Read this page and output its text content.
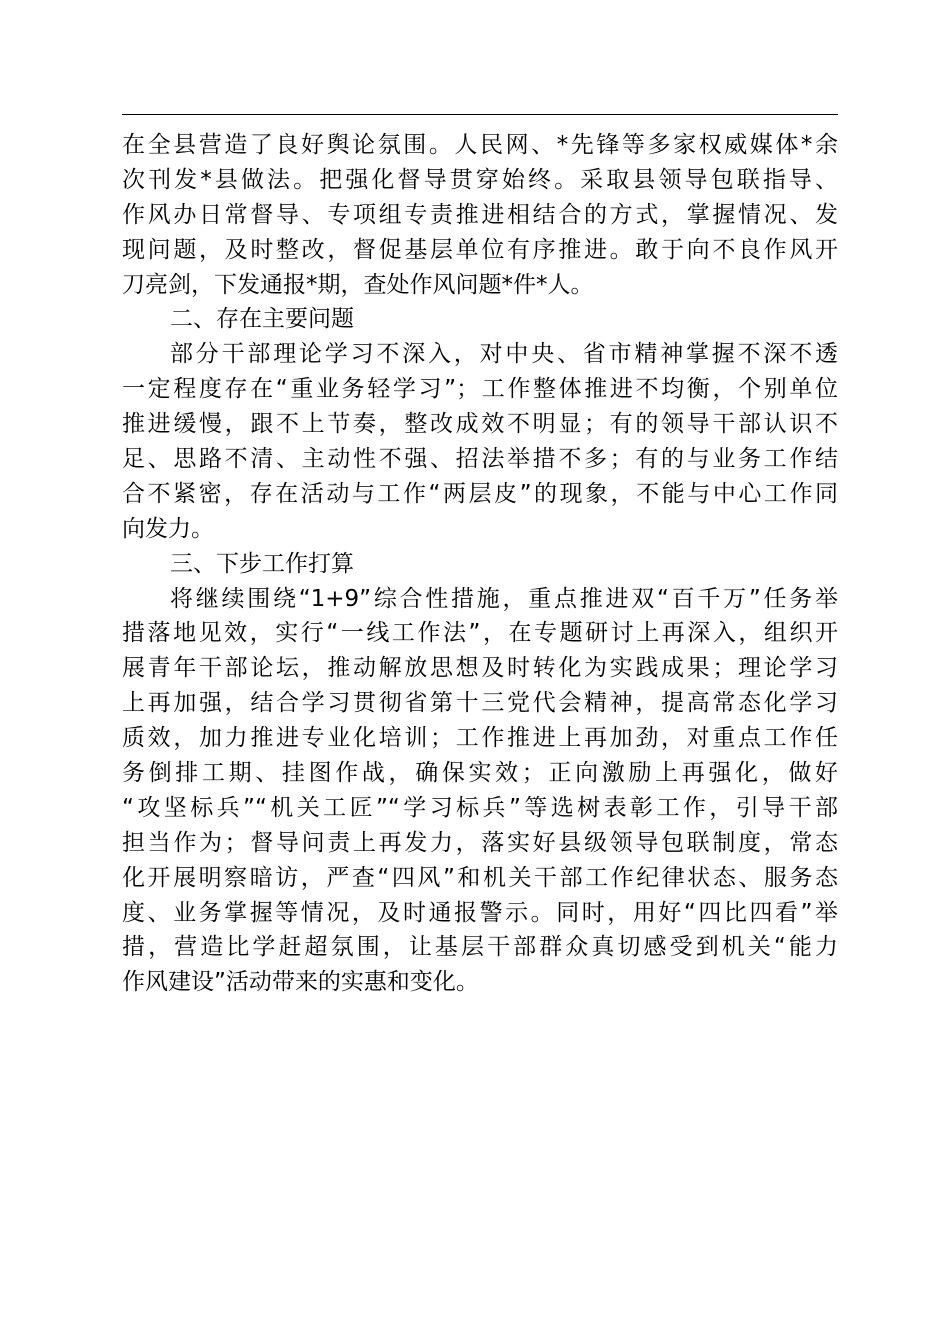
在全县营造了良好舆论氛围。人民网、*先锋等多家权威媒体*余
次刊发*县做法。把强化督导贯穿始终。采取县领导包联指导、
作风办日常督导、专项组专责推进相结合的方式，掌握情况、发
现问题，及时整改，督促基层单位有序推进。敢于向不良作风开
刀亮剑，下发通报*期，查处作风问题*件*人。
二、存在主要问题
部分干部理论学习不深入，对中央、省市精神掌握不深不透
一定程度存在“重业务轻学习”；工作整体推进不均衡，个别单位
推进缓慢，跟不上节奏，整改成效不明显；有的领导干部认识不
足、思路不清、主动性不强、招法举措不多；有的与业务工作结
合不紧密，存在活动与工作“两层皮”的现象，不能与中心工作同
向发力。
三、下步工作打算
将继续围绕“1+9”综合性措施，重点推进双“百千万”任务举
措落地见效，实行“一线工作法”，在专题研讨上再深入，组织开
展青年干部论坛，推动解放思想及时转化为实践成果；理论学习
上再加强，结合学习贯彻省第十三党代会精神，提高常态化学习
质效，加力推进专业化培训；工作推进上再加劲，对重点工作任
务倒排工期、挂图作战，确保实效；正向激励上再强化，做好
“攻坚标兵”“机关工匠”“学习标兵”等选树表彰工作，引导干部
担当作为；督导问责上再发力，落实好县级领导包联制度，常态
化开展明察暗访，严查“四风”和机关干部工作纪律状态、服务态
度、业务掌握等情况，及时通报警示。同时，用好“四比四看”举
措，营造比学赶超氛围，让基层干部群众真切感受到机关“能力
作风建设”活动带来的实惠和变化。
